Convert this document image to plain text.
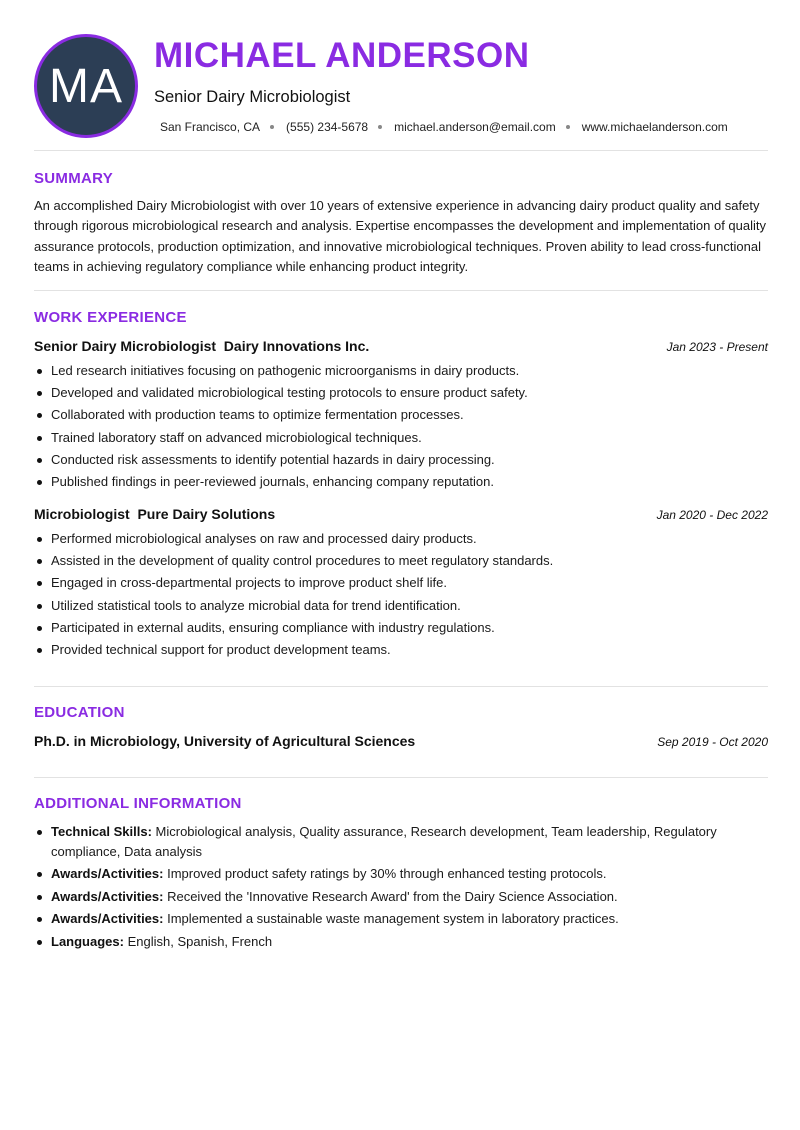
MA
MICHAEL ANDERSON
Senior Dairy Microbiologist
San Francisco, CA (555) 234-5678 michael.anderson@email.com www.michaelanderson.com
SUMMARY
An accomplished Dairy Microbiologist with over 10 years of extensive experience in advancing dairy product quality and safety through rigorous microbiological research and analysis. Expertise encompasses the development and implementation of quality assurance protocols, production optimization, and innovative microbiological techniques. Proven ability to lead cross-functional teams in achieving regulatory compliance while enhancing product integrity.
WORK EXPERIENCE
Senior Dairy Microbiologist  Dairy Innovations Inc.	Jan 2023 - Present
Led research initiatives focusing on pathogenic microorganisms in dairy products.
Developed and validated microbiological testing protocols to ensure product safety.
Collaborated with production teams to optimize fermentation processes.
Trained laboratory staff on advanced microbiological techniques.
Conducted risk assessments to identify potential hazards in dairy processing.
Published findings in peer-reviewed journals, enhancing company reputation.
Microbiologist  Pure Dairy Solutions	Jan 2020 - Dec 2022
Performed microbiological analyses on raw and processed dairy products.
Assisted in the development of quality control procedures to meet regulatory standards.
Engaged in cross-departmental projects to improve product shelf life.
Utilized statistical tools to analyze microbial data for trend identification.
Participated in external audits, ensuring compliance with industry regulations.
Provided technical support for product development teams.
EDUCATION
Ph.D. in Microbiology, University of Agricultural Sciences	Sep 2019 - Oct 2020
ADDITIONAL INFORMATION
Technical Skills: Microbiological analysis, Quality assurance, Research development, Team leadership, Regulatory compliance, Data analysis
Awards/Activities: Improved product safety ratings by 30% through enhanced testing protocols.
Awards/Activities: Received the 'Innovative Research Award' from the Dairy Science Association.
Awards/Activities: Implemented a sustainable waste management system in laboratory practices.
Languages: English, Spanish, French
